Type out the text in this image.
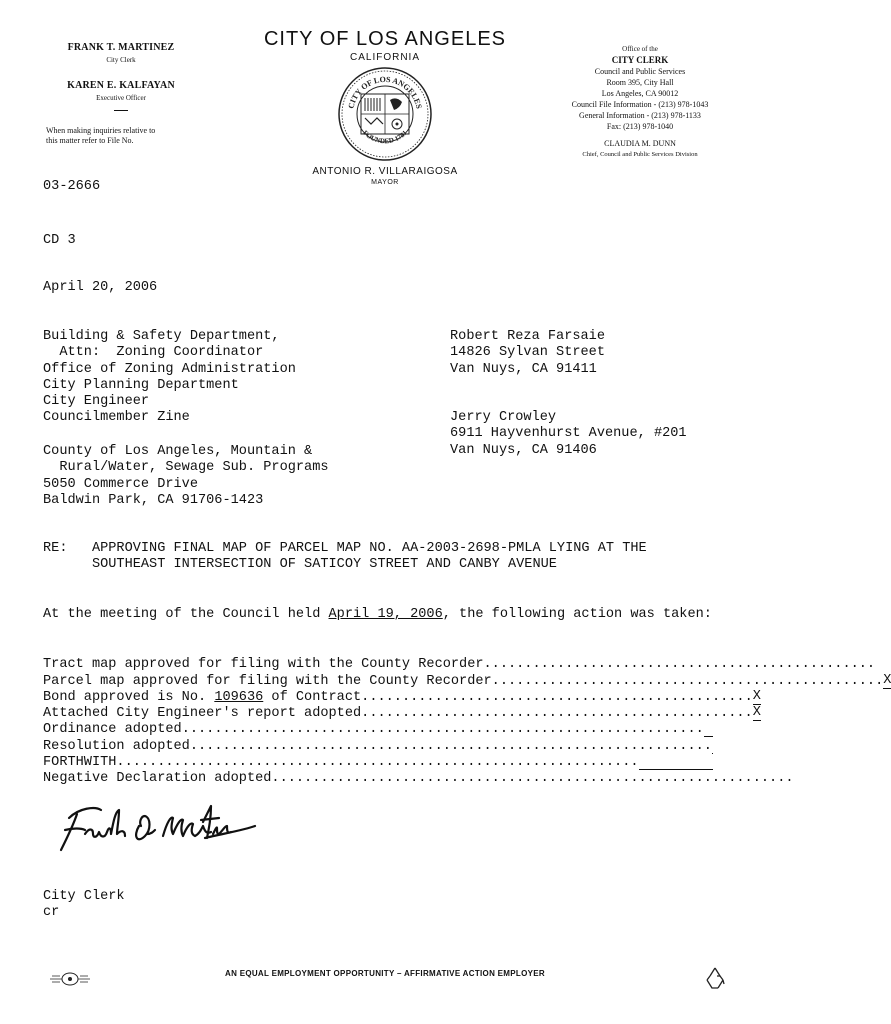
FRANK T. MARTINEZ
City Clerk
KAREN E. KALFAYAN
Executive Officer
When making inquiries relative to this matter refer to File No.
CITY OF LOS ANGELES
CALIFORNIA
CITY OF LOS ANGELES
FOUNDED 1781
ANTONIO R. VILLARAIGOSA
MAYOR
Office of the
CITY CLERK
Council and Public Services
Room 395, City Hall
Los Angeles, CA 90012
Council File Information - (213) 978-1043
General Information - (213) 978-1133
Fax: (213) 978-1040
CLAUDIA M. DUNN
Chief, Council and Public Services Division
03-2666
CD 3
April 20, 2006
Building & Safety Department,
Attn:  Zoning Coordinator
Office of Zoning Administration
City Planning Department
City Engineer
Councilmember Zine
County of Los Angeles, Mountain &
Rural/Water, Sewage Sub. Programs
5050 Commerce Drive
Baldwin Park, CA 91706-1423
Robert Reza Farsaie
14826 Sylvan Street
Van Nuys, CA 91411
Jerry Crowley
6911 Hayvenhurst Avenue, #201
Van Nuys, CA 91406
RE:   APPROVING FINAL MAP OF PARCEL MAP NO. AA-2003-2698-PMLA LYING AT THE
SOUTHEAST INTERSECTION OF SATICOY STREET AND CANBY AVENUE
At the meeting of the Council held April 19, 2006, the following action was taken:
Tract map approved for filing with the County Recorder ................................................
Parcel map approved for filing with the County Recorder ................................................ X
Bond approved is No. 109636 of Contract ................................................ X
Attached City Engineer's report adopted ................................................ X
Ordinance adopted ................................................................
Resolution adopted ................................................................
FORTHWITH ................................................................
Negative Declaration adopted ................................................................
City Clerk
cr
AN EQUAL EMPLOYMENT OPPORTUNITY – AFFIRMATIVE ACTION EMPLOYER
